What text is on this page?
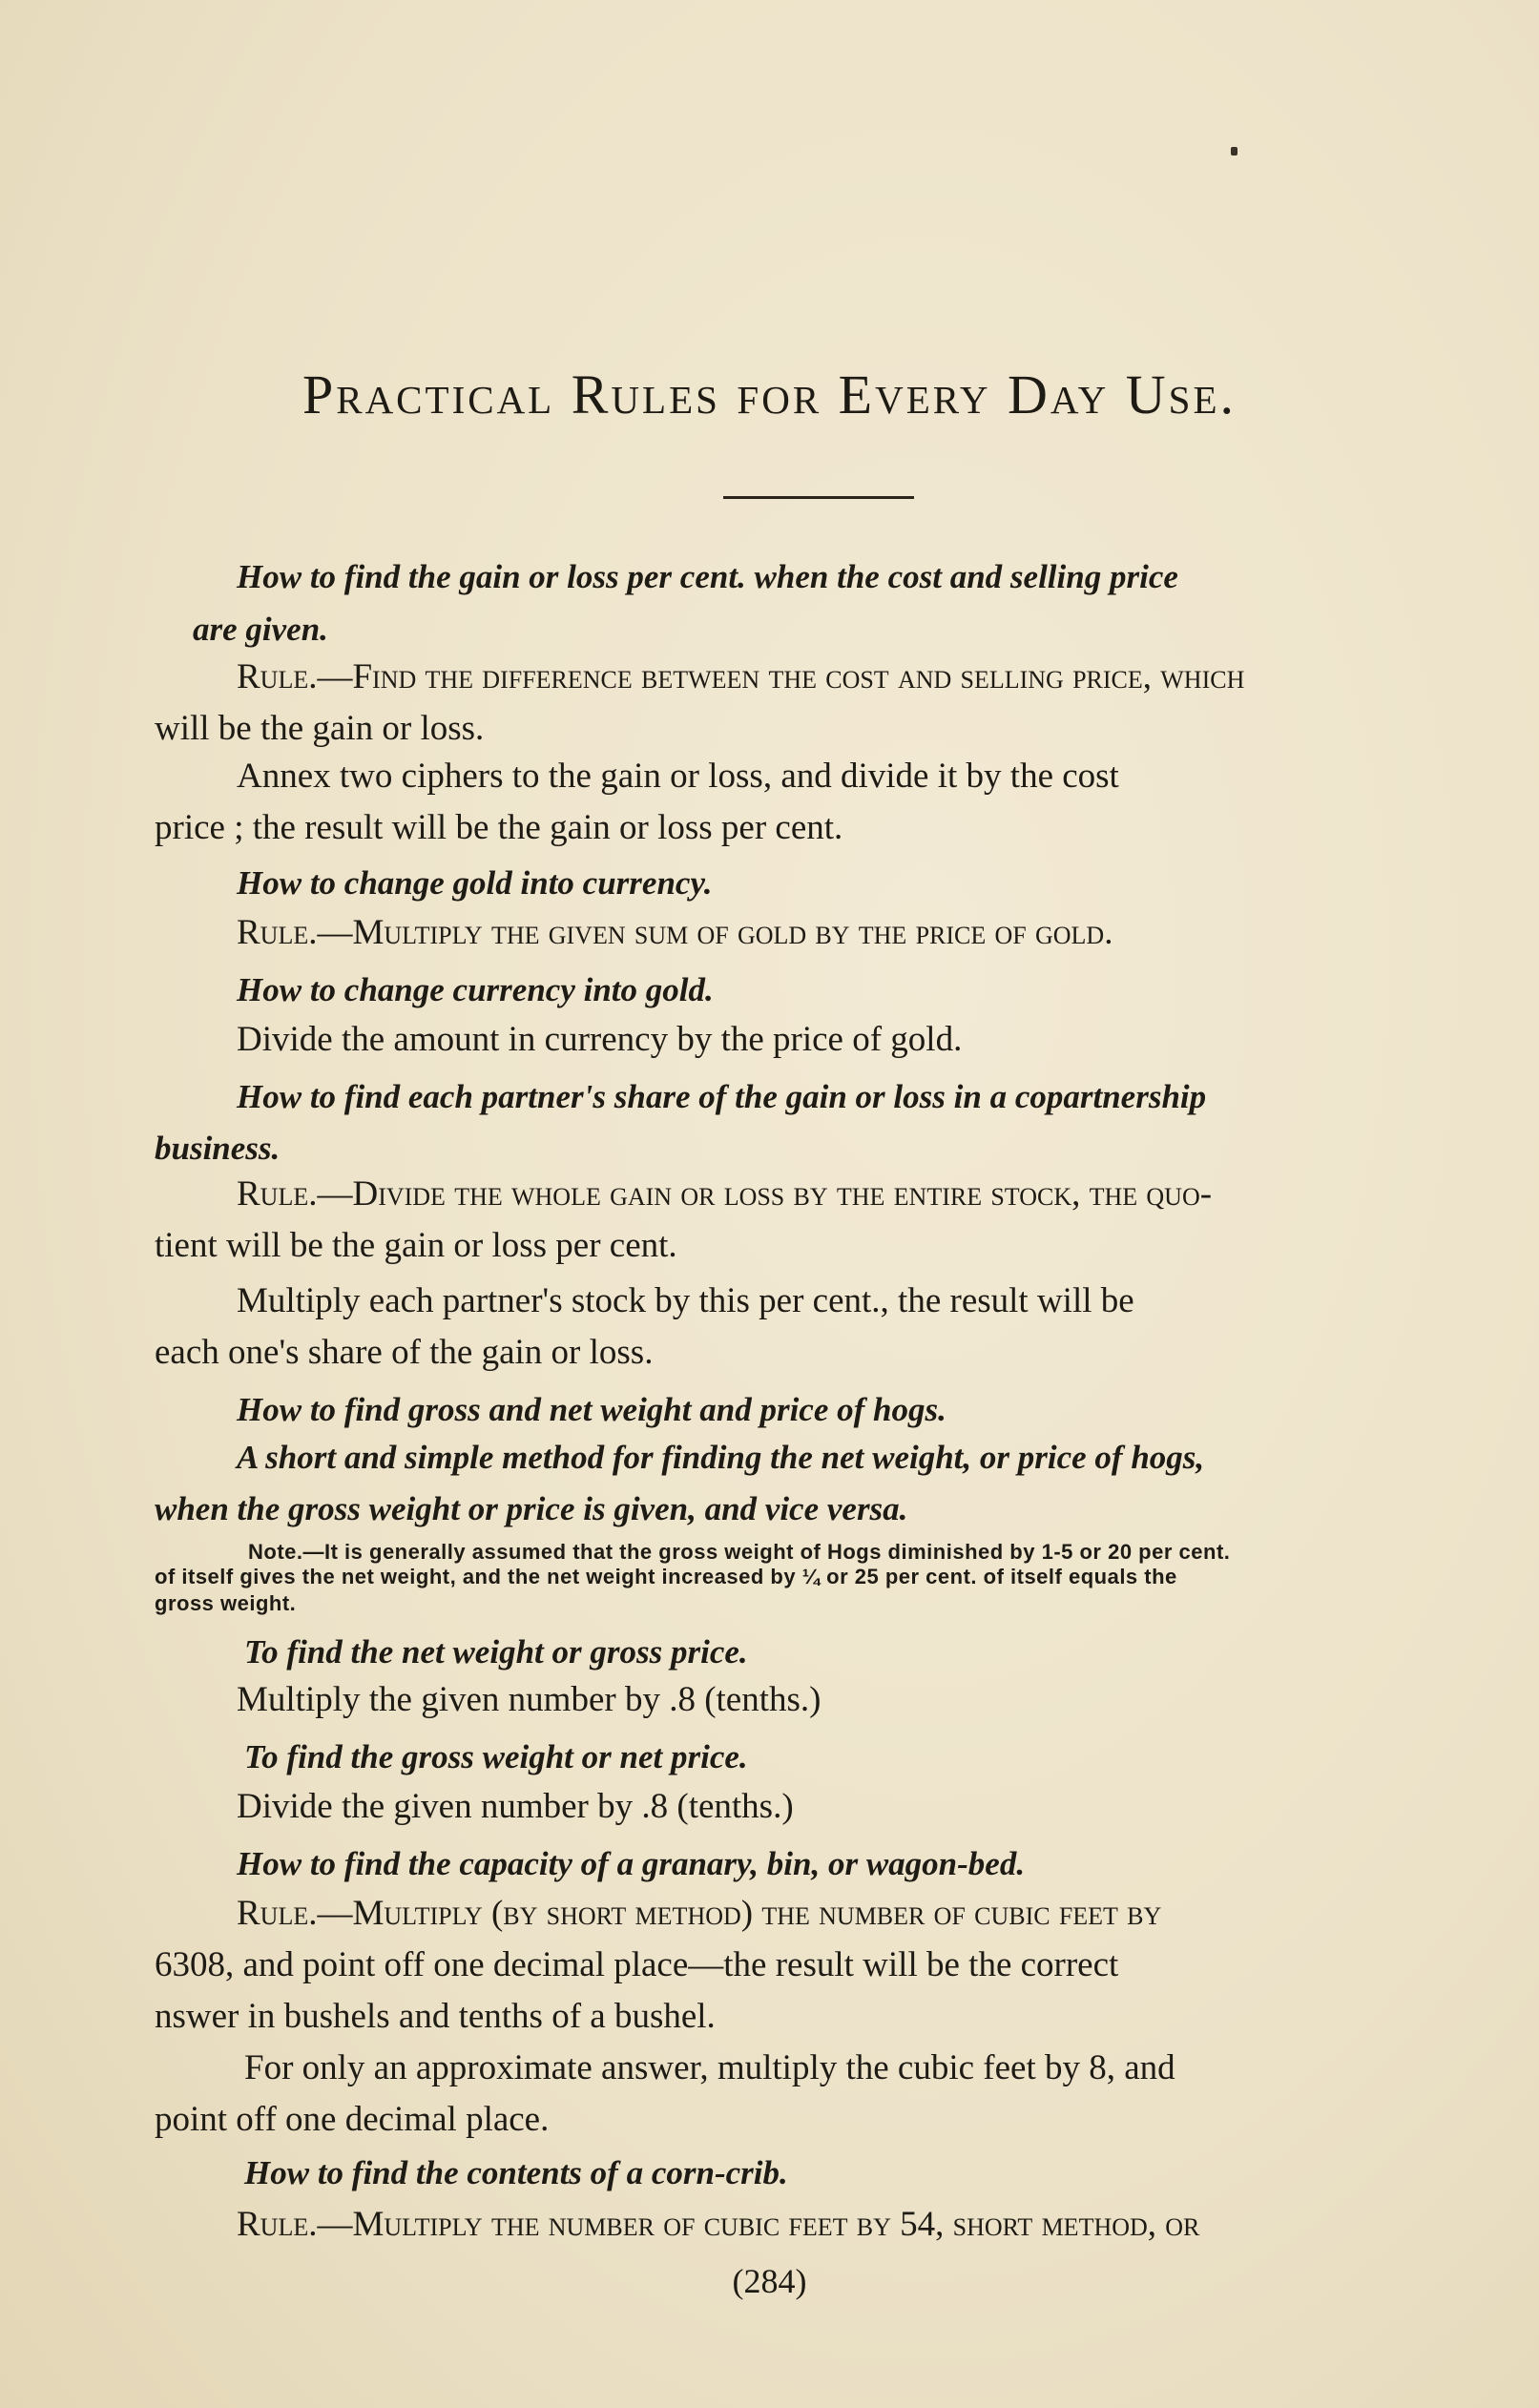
Practical Rules for Every Day Use.
How to find the gain or loss per cent. when the cost and selling price
are given.
Rule.—Find the difference between the cost and selling price, which
will be the gain or loss.
Annex two ciphers to the gain or loss, and divide it by the cost
price ; the result will be the gain or loss per cent.
How to change gold into currency.
Rule.—Multiply the given sum of gold by the price of gold.
How to change currency into gold.
Divide the amount in currency by the price of gold.
How to find each partner's share of the gain or loss in a copartnership
business.
Rule.—Divide the whole gain or loss by the entire stock, the quo-
tient will be the gain or loss per cent.
Multiply each partner's stock by this per cent., the result will be
each one's share of the gain or loss.
How to find gross and net weight and price of hogs.
A short and simple method for finding the net weight, or price of hogs,
when the gross weight or price is given, and vice versa.
Note.—It is generally assumed that the gross weight of Hogs diminished by 1-5 or 20 per cent.
of itself gives the net weight, and the net weight increased by ¼ or 25 per cent. of itself equals the
gross weight.
To find the net weight or gross price.
Multiply the given number by .8 (tenths.)
To find the gross weight or net price.
Divide the given number by .8 (tenths.)
How to find the capacity of a granary, bin, or wagon-bed.
Rule.—Multiply (by short method) the number of cubic feet by
6308, and point off one decimal place—the result will be the correct
nswer in bushels and tenths of a bushel.
For only an approximate answer, multiply the cubic feet by 8, and
point off one decimal place.
How to find the contents of a corn-crib.
Rule.—Multiply the number of cubic feet by 54, short method, or
(284)
